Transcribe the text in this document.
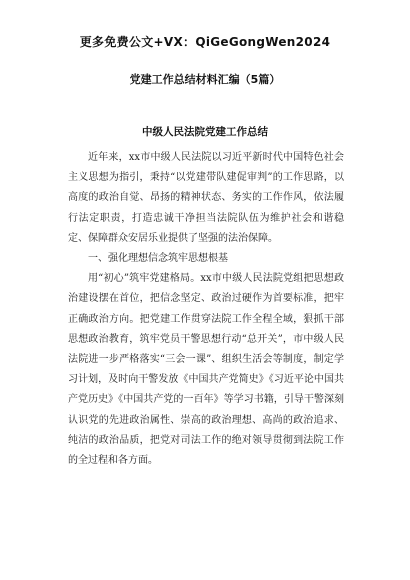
更多免费公文+VX：QiGeGongWen2024
党建工作总结材料汇编（5篇）
中级人民法院党建工作总结

近年来，xx市中级人民法院以习近平新时代中国特色社会主义思想为指引，秉持“以党建带队建促审判”的工作思路，以高度的政治自觉、昂扬的精神状态、务实的工作作风，依法履行法定职责，打造忠诚干净担当法院队伍为维护社会和谐稳定、保障群众安居乐业提供了坚强的法治保障。

一、强化理想信念筑牢思想根基

用“初心”筑牢党建格局。xx市中级人民法院党组把思想政治建设摆在首位，把信念坚定、政治过硬作为首要标准，把牢正确政治方向。把党建工作贯穿法院工作全程全域，狠抓干部思想政治教育，筑牢党员干警思想行动“总开关”，市中级人民法院进一步严格落实“三会一课”、组织生活会等制度，制定学习计划，及时向干警发放《中国共产党简史》《习近平论中国共产党历史》《中国共产党的一百年》等学习书籍，引导干警深刻认识党的先进政治属性、崇高的政治理想、高尚的政治追求、纯洁的政治品质，把党对司法工作的绝对领导贯彻到法院工作的全过程和各方面。
